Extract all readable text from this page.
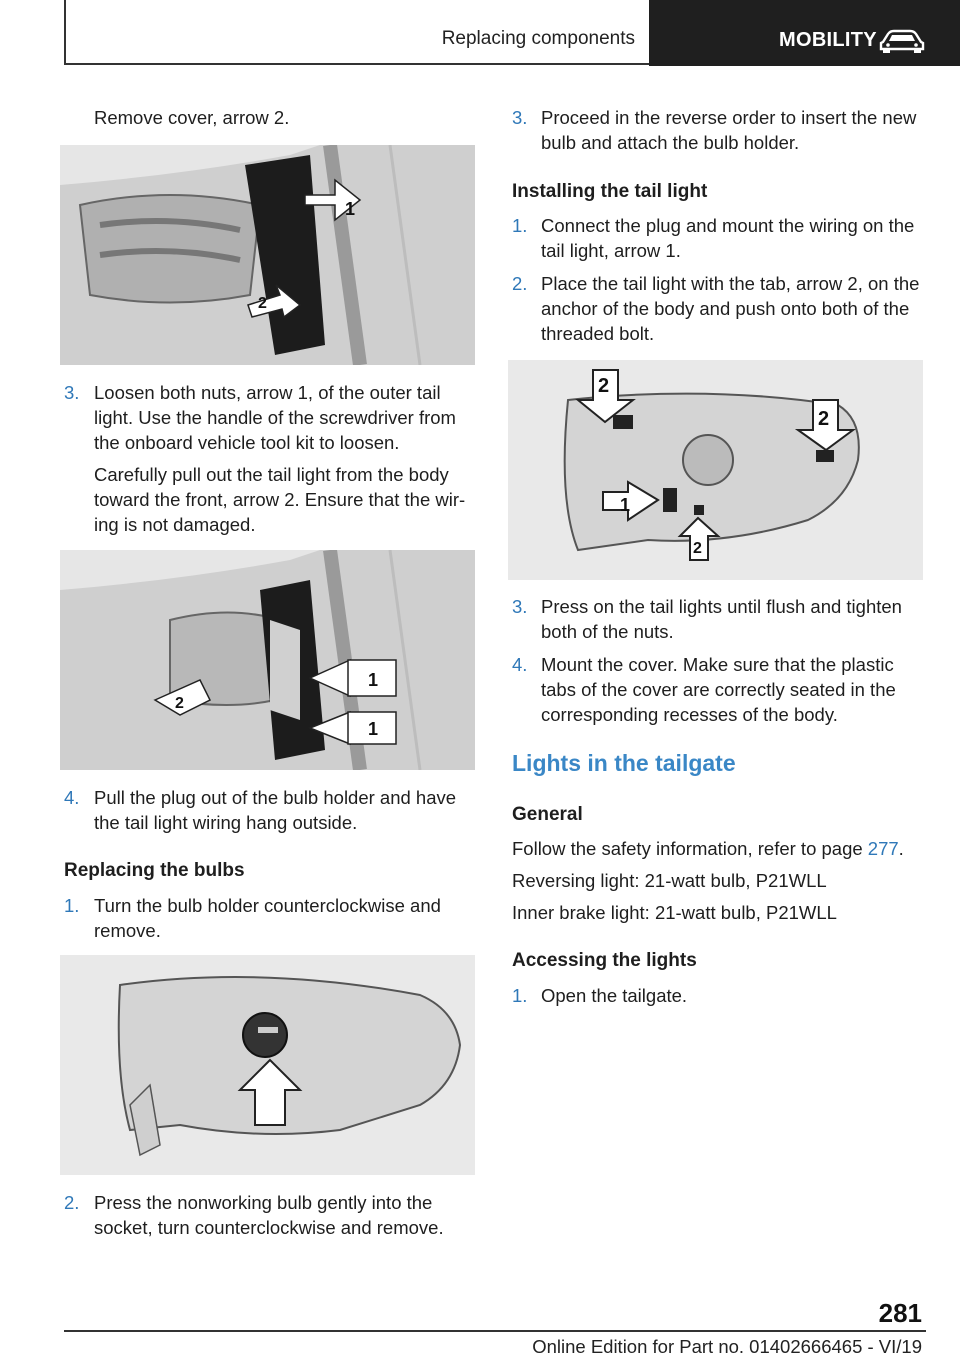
Replacing components	MOBILITY
Remove cover, arrow 2.
1
2
3. Loosen both nuts, arrow 1, of the outer tail light. Use the handle of the screwdriver from the onboard vehicle tool kit to loosen.
Carefully pull out the tail light from the body toward the front, arrow 2. Ensure that the wir‐ing is not damaged.
1
1
2
4. Pull the plug out of the bulb holder and have the tail light wiring hang outside.
Replacing the bulbs
1. Turn the bulb holder counterclockwise and remove.
2. Press the nonworking bulb gently into the socket, turn counterclockwise and remove.
3. Proceed in the reverse order to insert the new bulb and attach the bulb holder.
Installing the tail light
1. Connect the plug and mount the wiring on the tail light, arrow 1.
2. Place the tail light with the tab, arrow 2, on the anchor of the body and push onto both of the threaded bolt.
2
2
1
2
3. Press on the tail lights until flush and tighten both of the nuts.
4. Mount the cover. Make sure that the plastic tabs of the cover are correctly seated in the corresponding recesses of the body.
Lights in the tailgate
General
Follow the safety information, refer to page 277.
Reversing light: 21-watt bulb, P21WLL
Inner brake light: 21-watt bulb, P21WLL
Accessing the lights
1. Open the tailgate.
281
Online Edition for Part no. 01402666465 - VI/19
